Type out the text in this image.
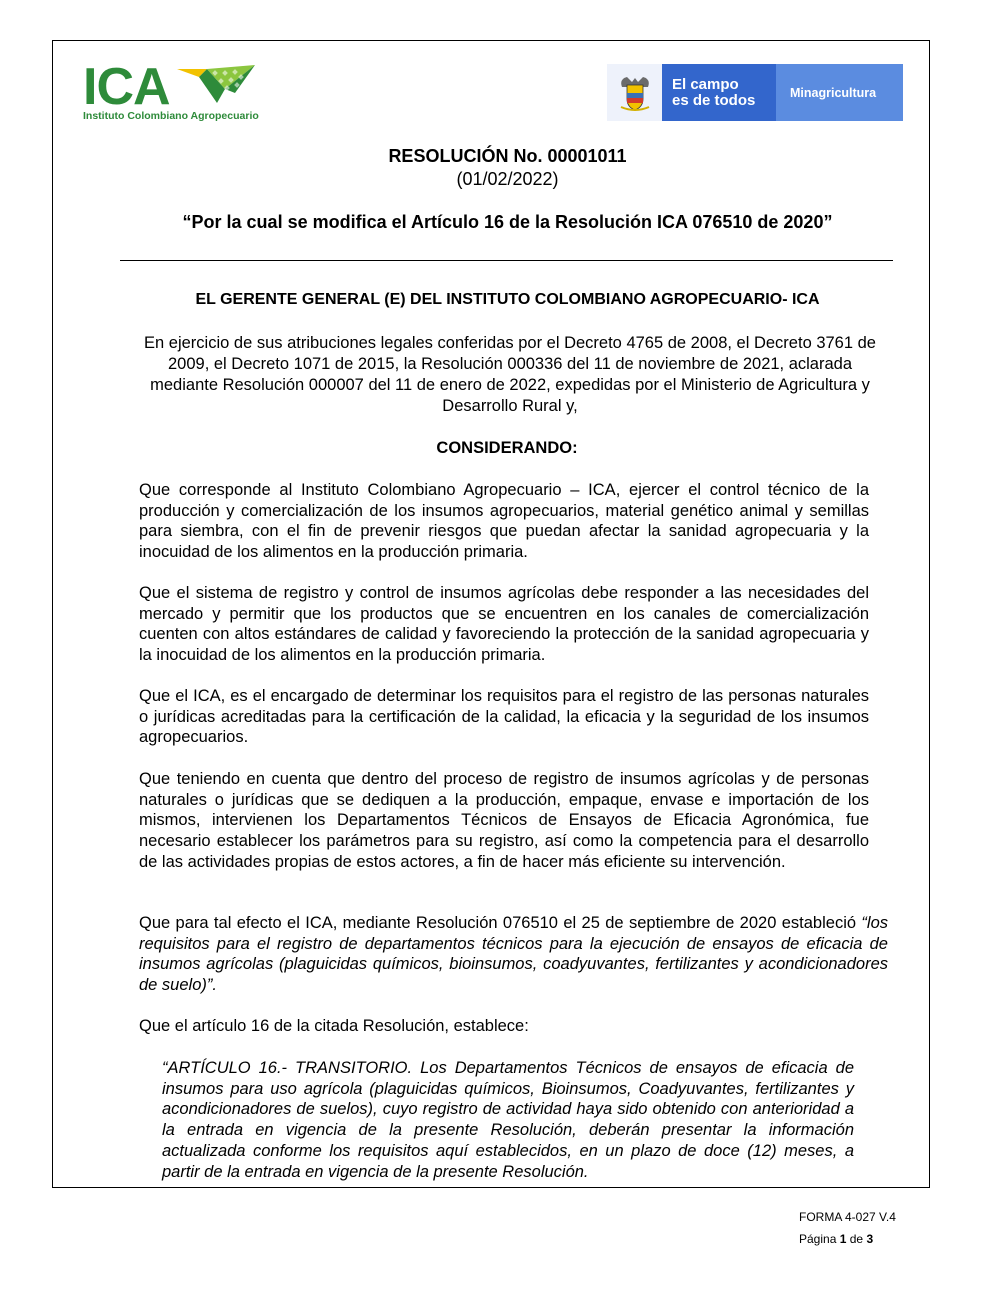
ICA
Instituto Colombiano Agropecuario
El campo
es de todos	Minagricultura
RESOLUCIÓN No. 00001011
(01/02/2022)
“Por la cual se modifica el Artículo 16 de la Resolución ICA 076510 de 2020”
EL GERENTE GENERAL (E) DEL INSTITUTO COLOMBIANO AGROPECUARIO- ICA
En ejercicio de sus atribuciones legales conferidas por el Decreto 4765 de 2008, el Decreto 3761 de 2009, el Decreto 1071 de 2015, la Resolución 000336 del 11 de noviembre de 2021, aclarada mediante Resolución 000007 del 11 de enero de 2022, expedidas por el Ministerio de Agricultura y Desarrollo Rural y,
CONSIDERANDO:
Que corresponde al Instituto Colombiano Agropecuario – ICA, ejercer el control técnico de la producción y comercialización de los insumos agropecuarios, material genético animal y semillas para siembra, con el fin de prevenir riesgos que puedan afectar la sanidad agropecuaria y la inocuidad de los alimentos en la producción primaria.
Que el sistema de registro y control de insumos agrícolas debe responder a las necesidades del mercado y permitir que los productos que se encuentren en los canales de comercialización cuenten con altos estándares de calidad y favoreciendo la protección de la sanidad agropecuaria y la inocuidad de los alimentos en la producción primaria.
Que el ICA, es el encargado de determinar los requisitos para el registro de las personas naturales o jurídicas acreditadas para la certificación de la calidad, la eficacia y la seguridad de los insumos agropecuarios.
Que teniendo en cuenta que dentro del proceso de registro de insumos agrícolas y de personas naturales o jurídicas que se dediquen a la producción, empaque, envase e importación de los mismos, intervienen los Departamentos Técnicos de Ensayos de Eficacia Agronómica, fue necesario establecer los parámetros para su registro, así como la competencia para el desarrollo de las actividades propias de estos actores, a fin de hacer más eficiente su intervención.
Que para tal efecto el ICA, mediante Resolución 076510 el 25 de septiembre de 2020 estableció “los requisitos para el registro de departamentos técnicos para la ejecución de ensayos de eficacia de insumos agrícolas (plaguicidas químicos, bioinsumos, coadyuvantes, fertilizantes y acondicionadores de suelo)”.
Que el artículo 16 de la citada Resolución, establece:
“ARTÍCULO 16.- TRANSITORIO. Los Departamentos Técnicos de ensayos de eficacia de insumos para uso agrícola (plaguicidas químicos, Bioinsumos, Coadyuvantes, fertilizantes y acondicionadores de suelos), cuyo registro de actividad haya sido obtenido con anterioridad a la entrada en vigencia de la presente Resolución, deberán presentar la información actualizada conforme los requisitos aquí establecidos, en un plazo de doce (12) meses, a partir de la entrada en vigencia de la presente Resolución.
FORMA 4-027 V.4
Página 1 de 3
